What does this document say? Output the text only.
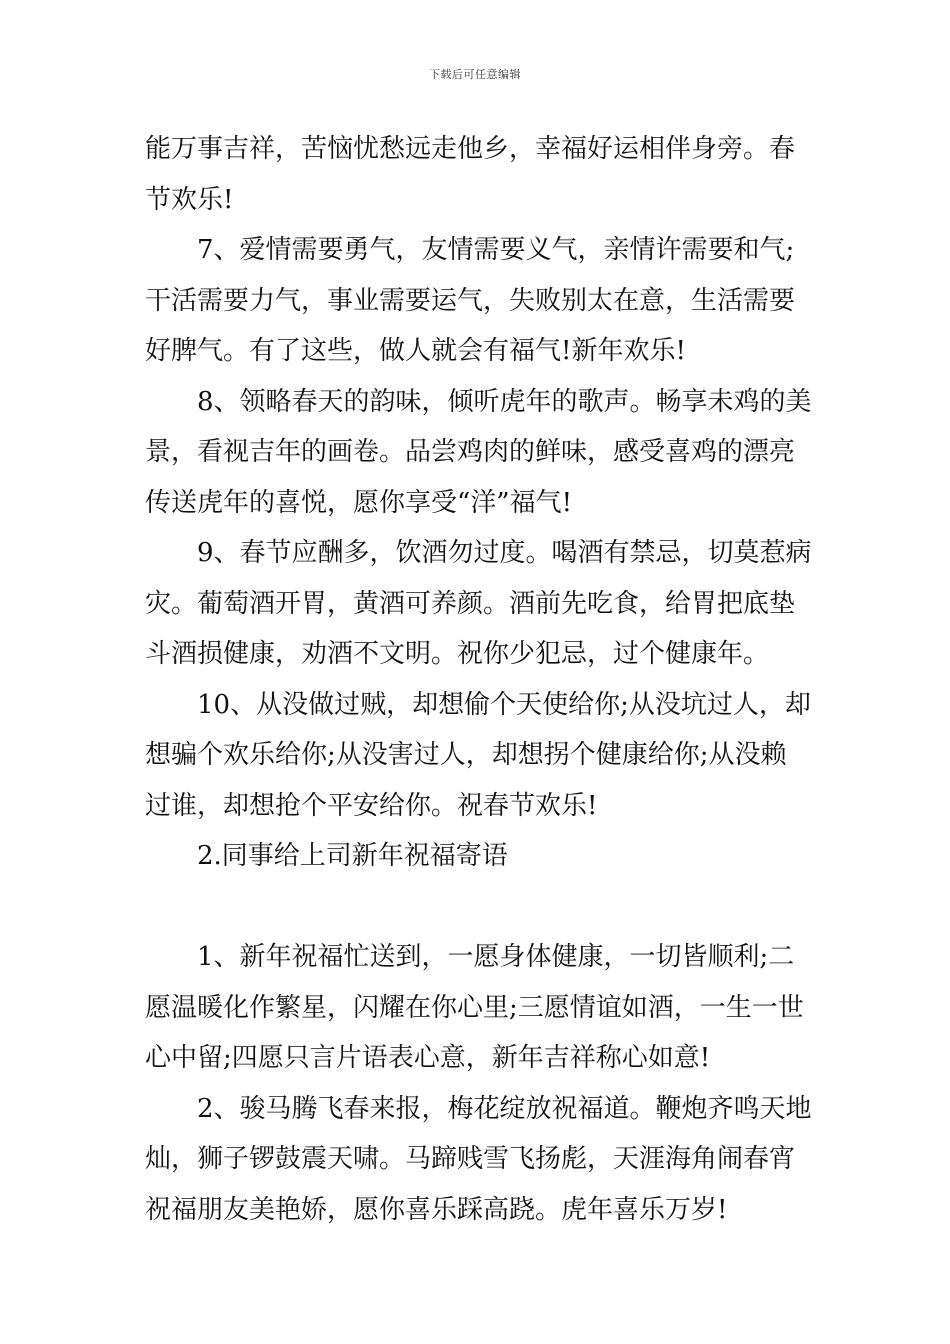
下载后可任意编辑
能万事吉祥，苦恼忧愁远走他乡，幸福好运相伴身旁。春
节欢乐!
7、爱情需要勇气，友情需要义气，亲情许需要和气;
干活需要力气，事业需要运气，失败别太在意，生活需要
好脾气。有了这些，做人就会有福气!新年欢乐!
8、领略春天的韵味，倾听虎年的歌声。畅享未鸡的美
景，看视吉年的画卷。品尝鸡肉的鲜味，感受喜鸡的漂亮
传送虎年的喜悦，愿你享受“洋”福气!
9、春节应酬多，饮酒勿过度。喝酒有禁忌，切莫惹病
灾。葡萄酒开胃，黄酒可养颜。酒前先吃食，给胃把底垫
斗酒损健康，劝酒不文明。祝你少犯忌，过个健康年。
10、从没做过贼，却想偷个天使给你;从没坑过人，却
想骗个欢乐给你;从没害过人，却想拐个健康给你;从没赖
过谁，却想抢个平安给你。祝春节欢乐!
2.同事给上司新年祝福寄语
1、新年祝福忙送到，一愿身体健康，一切皆顺利;二
愿温暖化作繁星，闪耀在你心里;三愿情谊如酒，一生一世
心中留;四愿只言片语表心意，新年吉祥称心如意!
2、骏马腾飞春来报，梅花绽放祝福道。鞭炮齐鸣天地
灿，狮子锣鼓震天啸。马蹄贱雪飞扬彪，天涯海角闹春宵
祝福朋友美艳娇，愿你喜乐踩高跷。虎年喜乐万岁!
